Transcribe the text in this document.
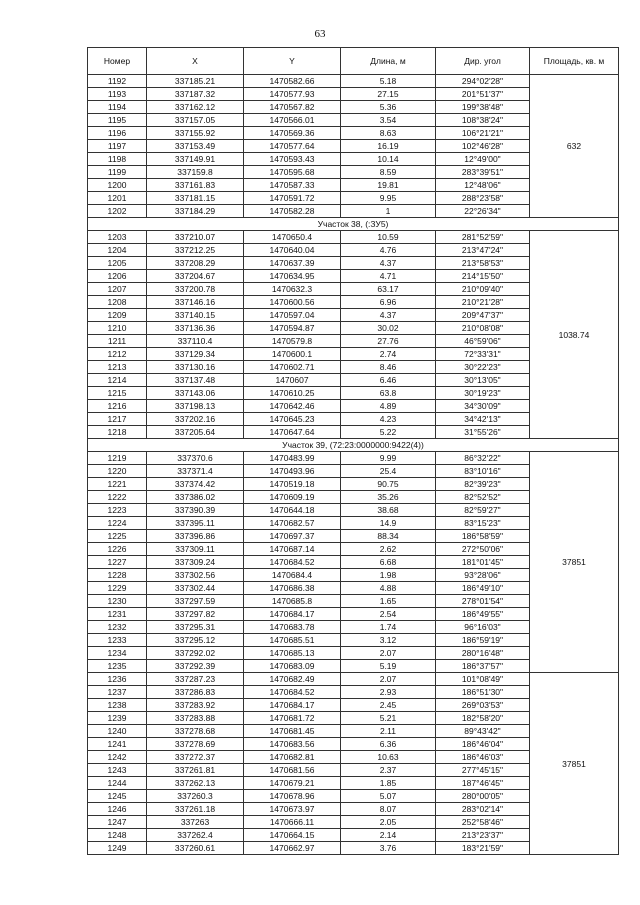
63
Номер	X	Y	Длина, м	Дир. угол	Площадь, кв. м
1192	337185.21	1470582.66	5.18	294°02'28"	632
1193	337187.32	1470577.93	27.15	201°51'37"	
1194	337162.12	1470567.82	5.36	199°38'48"	
1195	337157.05	1470566.01	3.54	108°38'24"	
1196	337155.92	1470569.36	8.63	106°21'21"	
1197	337153.49	1470577.64	16.19	102°46'28"	
1198	337149.91	1470593.43	10.14	12°49'00"	
1199	337159.8	1470595.68	8.59	283°39'51"	
1200	337161.83	1470587.33	19.81	12°48'06"	
1201	337181.15	1470591.72	9.95	288°23'58"	
1202	337184.29	1470582.28	1	22°26'34"	
Участок 38, (:ЗУ5)					
1203	337210.07	1470650.4	10.59	281°52'59"	1038.74
1204	337212.25	1470640.04	4.76	213°47'24"	
1205	337208.29	1470637.39	4.37	213°58'53"	
1206	337204.67	1470634.95	4.71	214°15'50"	
1207	337200.78	1470632.3	63.17	210°09'40"	
1208	337146.16	1470600.56	6.96	210°21'28"	
1209	337140.15	1470597.04	4.37	209°47'37"	
1210	337136.36	1470594.87	30.02	210°08'08"	
1211	337110.4	1470579.8	27.76	46°59'06"	
1212	337129.34	1470600.1	2.74	72°33'31"	
1213	337130.16	1470602.71	8.46	30°22'23"	
1214	337137.48	1470607	6.46	30°13'05"	
1215	337143.06	1470610.25	63.8	30°19'23"	
1216	337198.13	1470642.46	4.89	34°30'09"	
1217	337202.16	1470645.23	4.23	34°42'13"	
1218	337205.64	1470647.64	5.22	31°55'26"	
Участок 39, (72:23:0000000:9422(4))					
1219	337370.6	1470483.99	9.99	86°32'22"	37851
1220	337371.4	1470493.96	25.4	83°10'16"	
1221	337374.42	1470519.18	90.75	82°39'23"	
1222	337386.02	1470609.19	35.26	82°52'52"	
1223	337390.39	1470644.18	38.68	82°59'27"	
1224	337395.11	1470682.57	14.9	83°15'23"	
1225	337396.86	1470697.37	88.34	186°58'59"	
1226	337309.11	1470687.14	2.62	272°50'06"	
1227	337309.24	1470684.52	6.68	181°01'45"	
1228	337302.56	1470684.4	1.98	93°28'06"	
1229	337302.44	1470686.38	4.88	186°49'10"	
1230	337297.59	1470685.8	1.65	278°01'54"	
1231	337297.82	1470684.17	2.54	186°49'55"	
1232	337295.31	1470683.78	1.74	96°16'03"	
1233	337295.12	1470685.51	3.12	186°59'19"	
1234	337292.02	1470685.13	2.07	280°16'48"	
1235	337292.39	1470683.09	5.19	186°37'57"	
1236	337287.23	1470682.49	2.07	101°08'49"	37851
1237	337286.83	1470684.52	2.93	186°51'30"	
1238	337283.92	1470684.17	2.45	269°03'53"	
1239	337283.88	1470681.72	5.21	182°58'20"	
1240	337278.68	1470681.45	2.11	89°43'42"	
1241	337278.69	1470683.56	6.36	186°46'04"	
1242	337272.37	1470682.81	10.63	186°46'03"	
1243	337261.81	1470681.56	2.37	277°45'15"	
1244	337262.13	1470679.21	1.85	187°46'45"	
1245	337260.3	1470678.96	5.07	280°00'05"	
1246	337261.18	1470673.97	8.07	283°02'14"	
1247	337263	1470666.11	2.05	252°58'46"	
1248	337262.4	1470664.15	2.14	213°23'37"	
1249	337260.61	1470662.97	3.76	183°21'59"	
